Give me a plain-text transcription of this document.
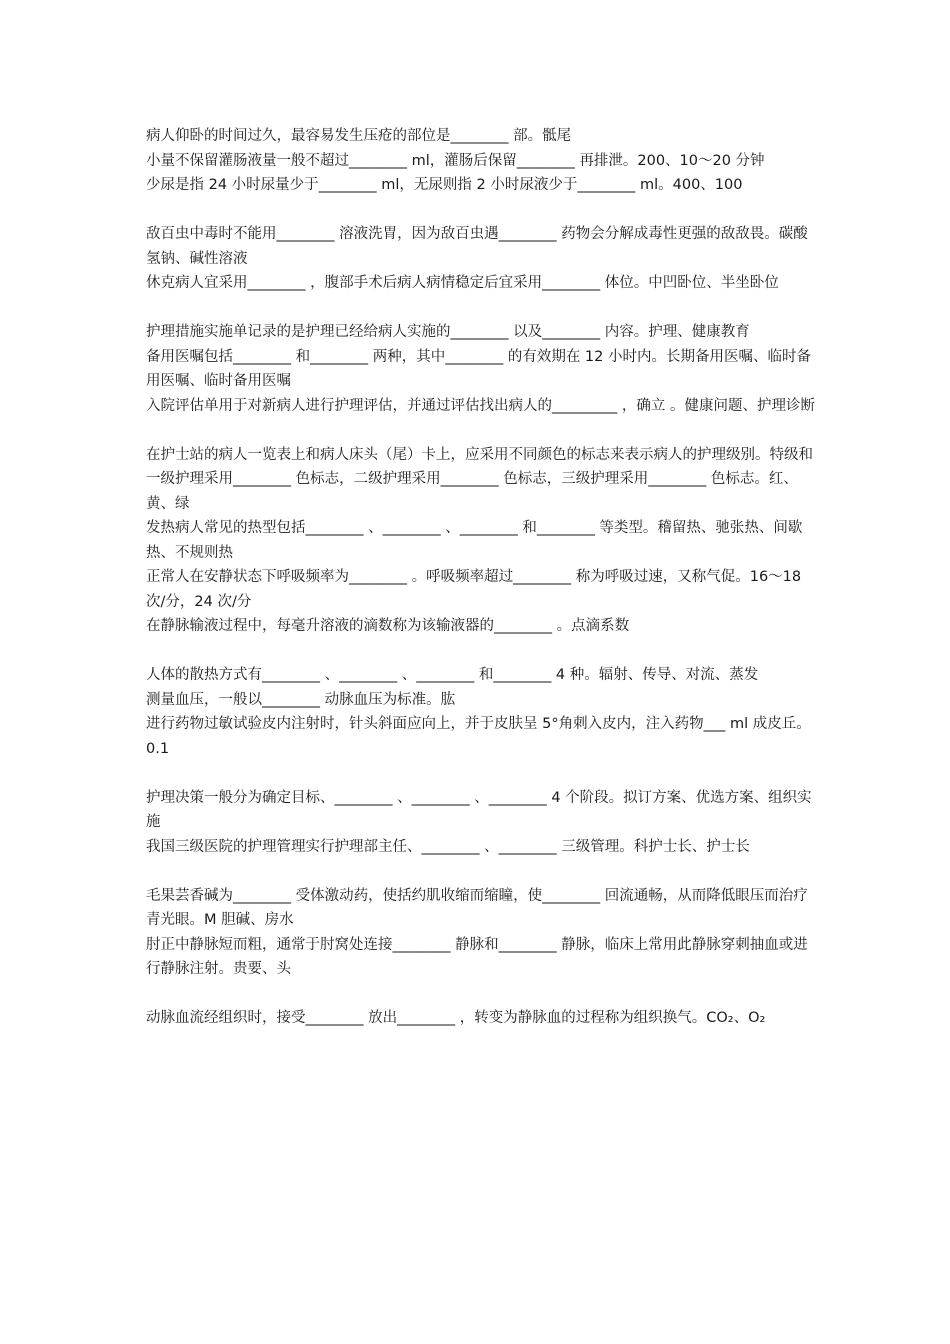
病人仰卧的时间过久，最容易发生压疮的部位是________ 部。骶尾

小量不保留灌肠液量一般不超过________ ml，灌肠后保留________ 再排泄。200、10～20 分钟

少尿是指 24 小时尿量少于________ ml，无尿则指 2 小时尿液少于________ ml。400、100

敌百虫中毒时不能用________ 溶液洗胃，因为敌百虫遇________ 药物会分解成毒性更强的敌敌畏。碳酸氢钠、碱性溶液

休克病人宜采用________ ，腹部手术后病人病情稳定后宜采用________ 体位。中凹卧位、半坐卧位

护理措施实施单记录的是护理已经给病人实施的________ 以及________ 内容。护理、健康教育

备用医嘱包括________ 和________ 两种，其中________ 的有效期在 12 小时内。长期备用医嘱、临时备用医嘱、临时备用医嘱

入院评估单用于对新病人进行护理评估，并通过评估找出病人的_________ ，确立 。健康问题、护理诊断

在护士站的病人一览表上和病人床头（尾）卡上，应采用不同颜色的标志来表示病人的护理级别。特级和一级护理采用________ 色标志，二级护理采用________ 色标志，三级护理采用________ 色标志。红、黄、绿

发热病人常见的热型包括________ 、________ 、________ 和________ 等类型。稽留热、驰张热、间歇热、不规则热

正常人在安静状态下呼吸频率为________ 。呼吸频率超过________ 称为呼吸过速，又称气促。16～18 次/分，24 次/分

在静脉输液过程中，每毫升溶液的滴数称为该输液器的________ 。点滴系数

人体的散热方式有________ 、________ 、________ 和________ 4 种。辐射、传导、对流、蒸发

测量血压，一般以________ 动脉血压为标准。肱

进行药物过敏试验皮内注射时，针头斜面应向上，并于皮肤呈 5°角刺入皮内，注入药物___ ml 成皮丘。0.1

护理决策一般分为确定目标、________ 、________ 、________ 4 个阶段。拟订方案、优选方案、组织实施

我国三级医院的护理管理实行护理部主任、________ 、________ 三级管理。科护士长、护士长

毛果芸香碱为________ 受体激动药，使括约肌收缩而缩瞳，使________ 回流通畅，从而降低眼压而治疗青光眼。M 胆碱、房水

肘正中静脉短而粗，通常于肘窝处连接________ 静脉和________ 静脉，临床上常用此静脉穿刺抽血或进行静脉注射。贵要、头

动脉血流经组织时，接受________ 放出________ ，转变为静脉血的过程称为组织换气。CO₂、O₂
